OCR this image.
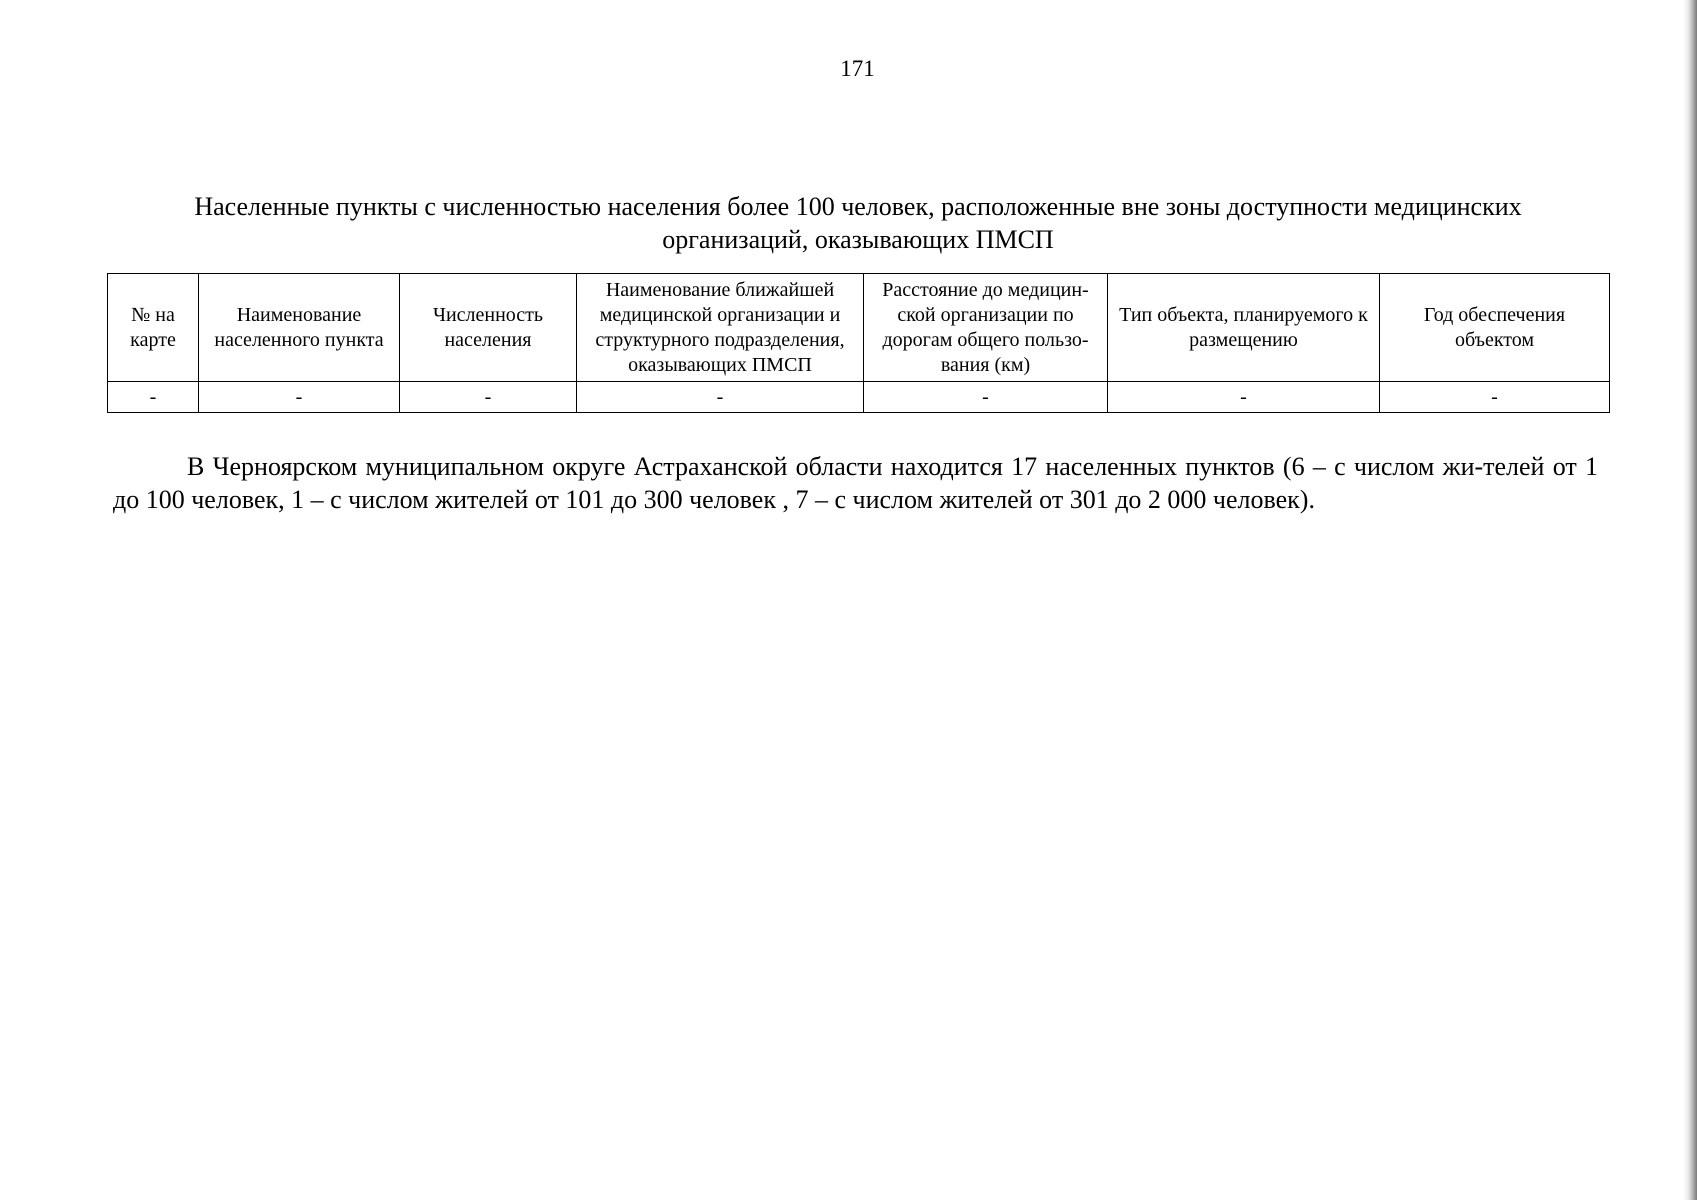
171
Населенные пункты с численностью населения более 100 человек, расположенные вне зоны доступности медицинских
организаций, оказывающих ПМСП
№ на карте	Наименование населенного пункта	Численность населения	Наименование ближайшей медицинской организации и структурного подразделения, оказывающих ПМСП	Расстояние до медицин-ской организации по дорогам общего пользо-вания (км)	Тип объекта, планируемого к размещению	Год обеспечения объектом
-	-	-	-	-	-	-

В Черноярском муниципальном округе Астраханской области находится 17 населенных пунктов (6 – с числом жи-телей от 1 до 100 человек, 1 – с числом жителей от 101 до 300 человек , 7 – с числом жителей от 301 до 2 000 человек).
